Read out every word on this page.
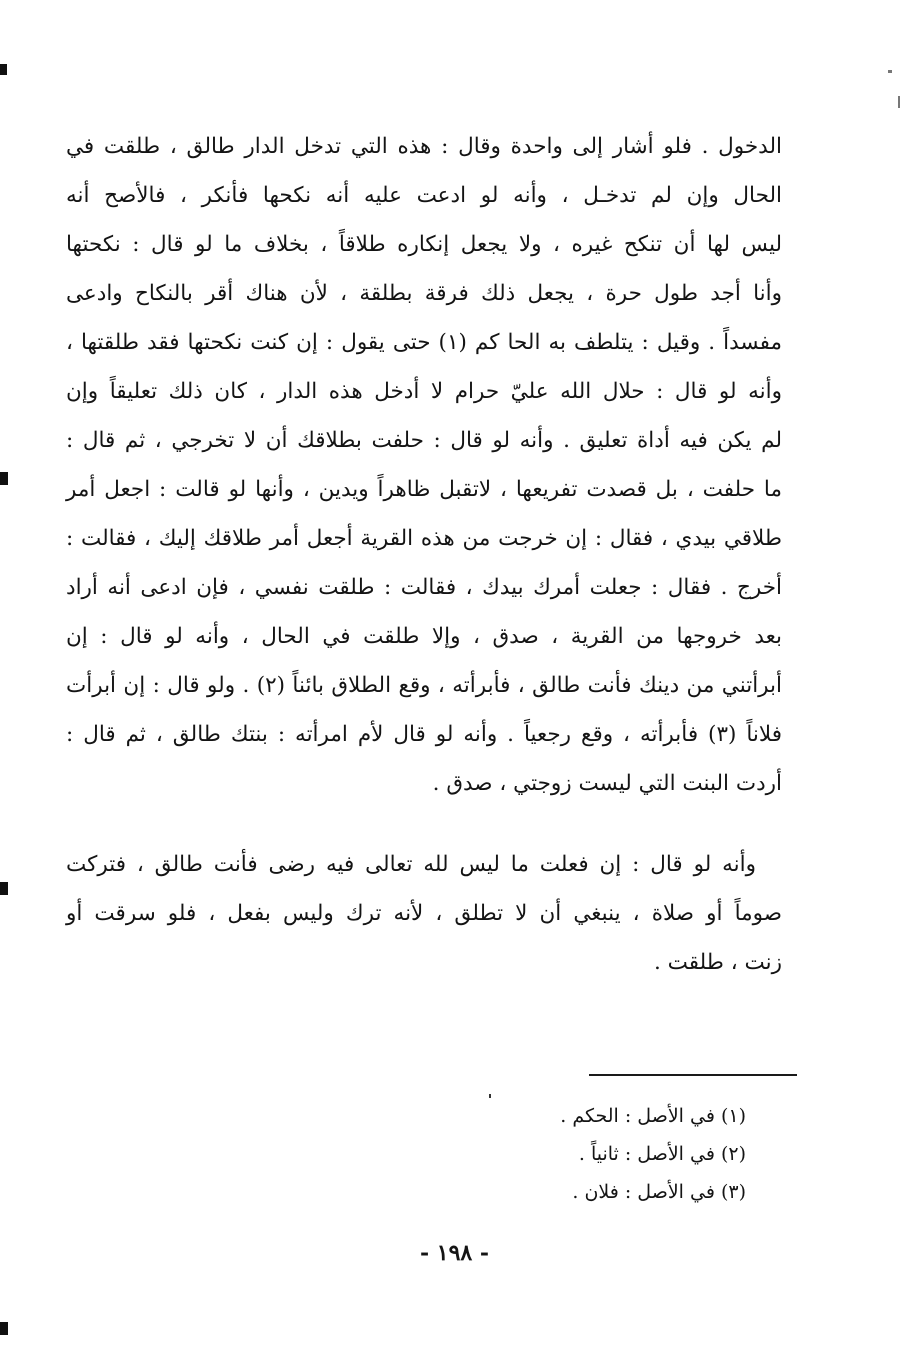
الدخول . فلو أشار إلى واحدة وقال : هذه التي تدخل الدار طالق ، طلقت في
الحال وإن لم تدخـل ، وأنه لو ادعت عليه أنه نكحها فأنكر ، فالأصح أنه
ليس لها أن تنكح غيره ، ولا يجعل إنكاره طلاقاً ، بخلاف ما لو قال : نكحتها
وأنا أجد طول حرة ، يجعل ذلك فرقة بطلقة ، لأن هناك أقر بالنكاح وادعى
مفسداً . وقيل : يتلطف به الحا كم (١) حتى يقول : إن كنت نكحتها فقد طلقتها ،
وأنه لو قال : حلال الله عليّ حرام لا أدخل هذه الدار ، كان ذلك تعليقاً وإن
لم يكن فيه أداة تعليق . وأنه لو قال : حلفت بطلاقك أن لا تخرجي ، ثم قال :
ما حلفت ، بل قصدت تفريعها ، لاتقبل ظاهراً ويدين ، وأنها لو قالت : اجعل أمر
طلاقي بيدي ، فقال : إن خرجت من هذه القرية أجعل أمر طلاقك إليك ، فقالت :
أخرج . فقال : جعلت أمرك بيدك ، فقالت : طلقت نفسي ، فإن ادعى أنه أراد
بعد خروجها من القرية ، صدق ، وإلا طلقت في الحال ، وأنه لو قال : إن
أبرأتني من دينك فأنت طالق ، فأبرأته ، وقع الطلاق بائناً (٢) . ولو قال : إن أبرأت
فلاناً (٣) فأبرأته ، وقع رجعياً . وأنه لو قال لأم امرأته : بنتك طالق ، ثم قال :
أردت البنت التي ليست زوجتي ، صدق .
وأنه لو قال : إن فعلت ما ليس لله تعالى فيه رضى فأنت طالق ، فتركت
صوماً أو صلاة ، ينبغي أن لا تطلق ، لأنه ترك وليس بفعل ، فلو سرقت أو
زنت ، طلقت .
(١) في الأصل : الحكم .
(٢) في الأصل : ثانياً .
(٣) في الأصل : فلان .
- ١٩٨ -
